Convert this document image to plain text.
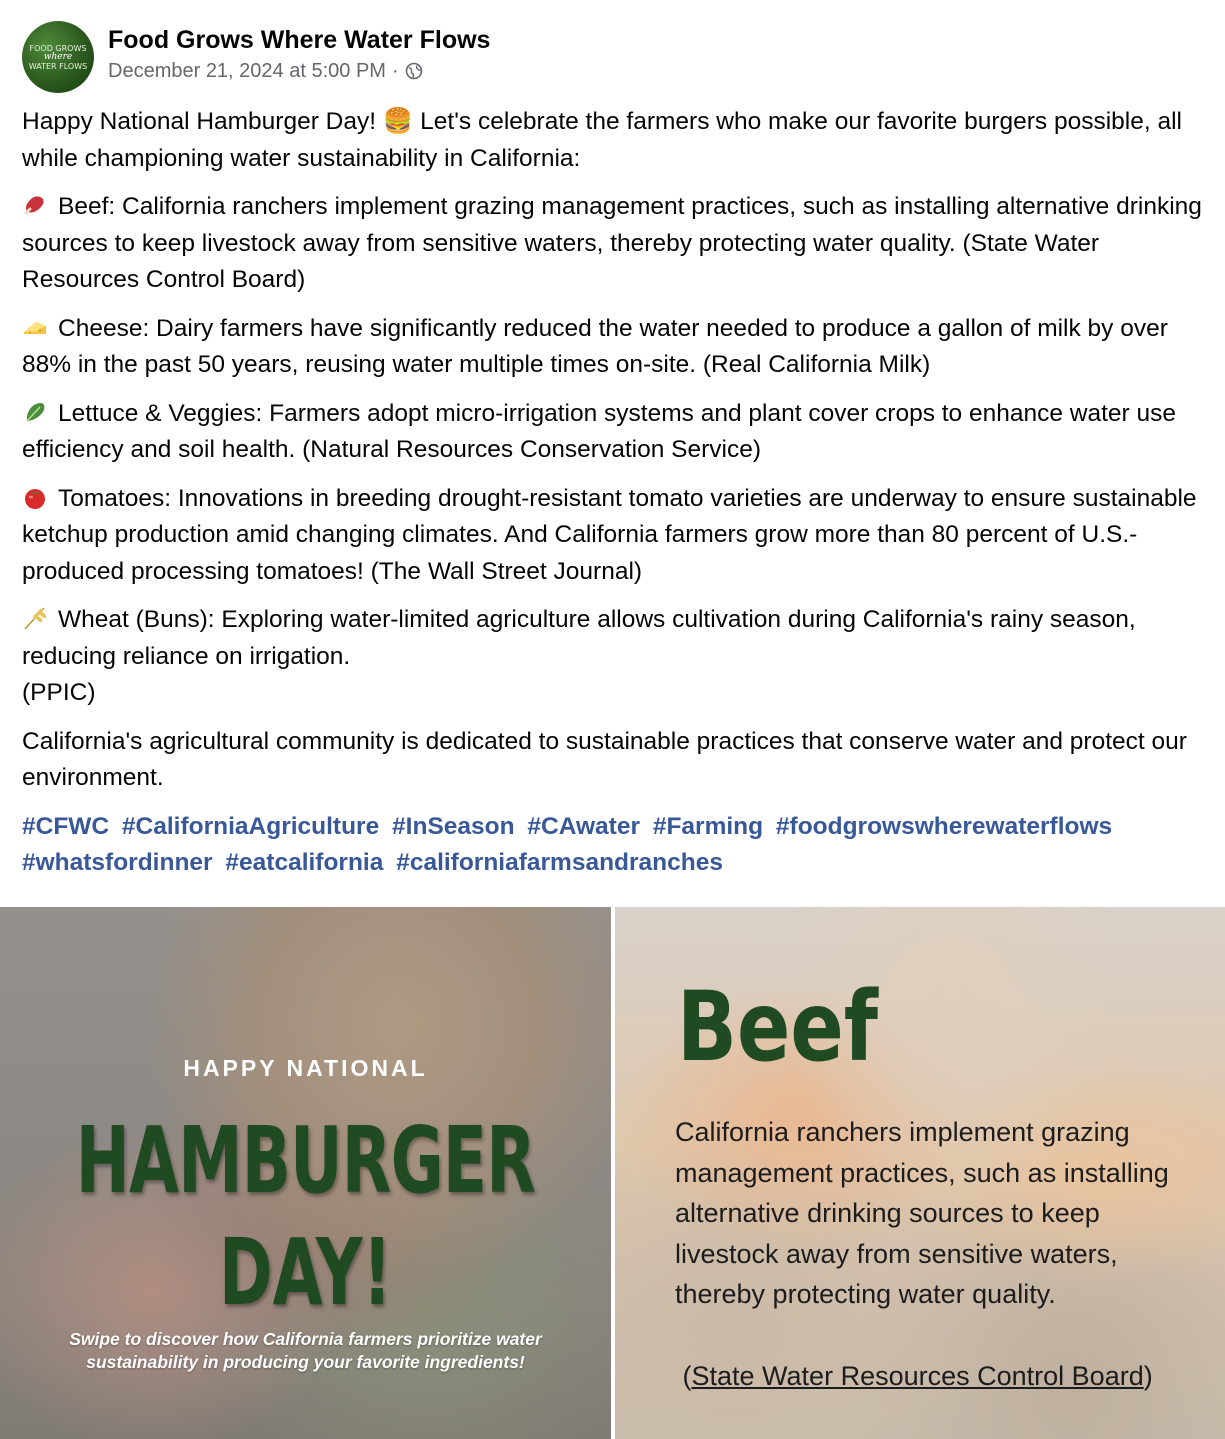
FOOD GROWS
where
WATER FLOWS
Food Grows Where Water Flows
December 21, 2024 at 5:00 PM ·

Happy National Hamburger Day! 🍔 Let's celebrate the farmers who make our favorite burgers possible, all while championing water sustainability in California:

Beef: California ranchers implement grazing management practices, such as installing alternative drinking sources to keep livestock away from sensitive waters, thereby protecting water quality. (State Water Resources Control Board)

Cheese: Dairy farmers have significantly reduced the water needed to produce a gallon of milk by over 88% in the past 50 years, reusing water multiple times on-site. (Real California Milk)

Lettuce & Veggies: Farmers adopt micro-irrigation systems and plant cover crops to enhance water use efficiency and soil health. (Natural Resources Conservation Service)

Tomatoes: Innovations in breeding drought-resistant tomato varieties are underway to ensure sustainable ketchup production amid changing climates. And California farmers grow more than 80 percent of U.S.-produced processing tomatoes! (The Wall Street Journal)

Wheat (Buns): Exploring water-limited agriculture allows cultivation during California's rainy season, reducing reliance on irrigation.
(PPIC)

California's agricultural community is dedicated to sustainable practices that conserve water and protect our environment.

#CFWC #CaliforniaAgriculture #InSeason #CAwater #Farming #foodgrowswherewaterflows
#whatsfordinner #eatcalifornia #californiafarmsandranches
HAPPY NATIONAL
HAMBURGER
DAY!
Swipe to discover how California farmers prioritize water
sustainability in producing your favorite ingredients!
Beef
California ranchers implement grazing management practices, such as installing alternative drinking sources to keep livestock away from sensitive waters, thereby protecting water quality.
(State Water Resources Control Board)
